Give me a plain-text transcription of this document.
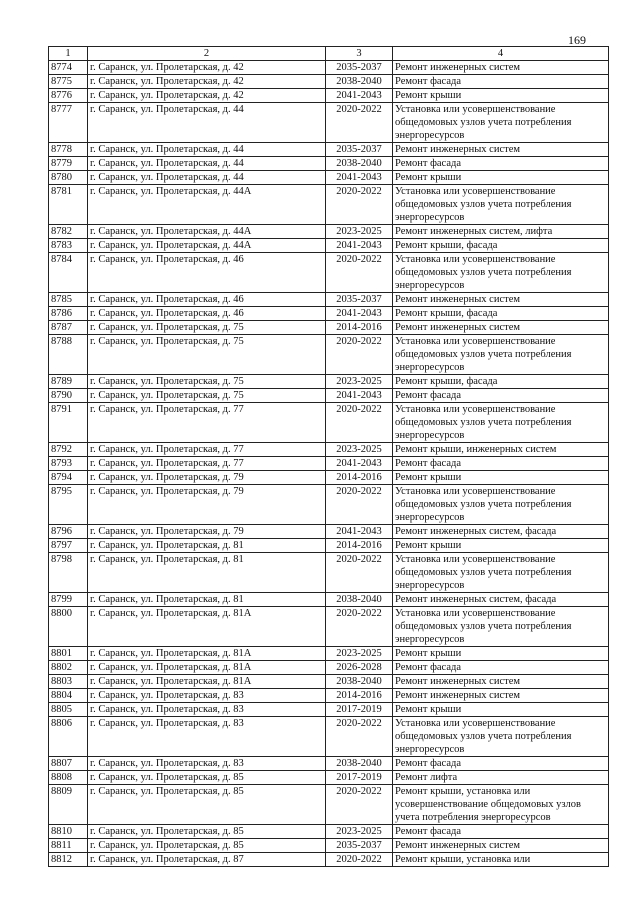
169
1	2	3	4
8774	г. Саранск, ул. Пролетарская, д. 42	2035-2037	Ремонт инженерных систем
8775	г. Саранск, ул. Пролетарская, д. 42	2038-2040	Ремонт фасада
8776	г. Саранск, ул. Пролетарская, д. 42	2041-2043	Ремонт крыши
8777	г. Саранск, ул. Пролетарская, д. 44	2020-2022	Установка или усовершенствование общедомовых узлов учета потребления энергоресурсов
8778	г. Саранск, ул. Пролетарская, д. 44	2035-2037	Ремонт инженерных систем
8779	г. Саранск, ул. Пролетарская, д. 44	2038-2040	Ремонт фасада
8780	г. Саранск, ул. Пролетарская, д. 44	2041-2043	Ремонт крыши
8781	г. Саранск, ул. Пролетарская, д. 44А	2020-2022	Установка или усовершенствование общедомовых узлов учета потребления энергоресурсов
8782	г. Саранск, ул. Пролетарская, д. 44А	2023-2025	Ремонт инженерных систем, лифта
8783	г. Саранск, ул. Пролетарская, д. 44А	2041-2043	Ремонт крыши, фасада
8784	г. Саранск, ул. Пролетарская, д. 46	2020-2022	Установка или усовершенствование общедомовых узлов учета потребления энергоресурсов
8785	г. Саранск, ул. Пролетарская, д. 46	2035-2037	Ремонт инженерных систем
8786	г. Саранск, ул. Пролетарская, д. 46	2041-2043	Ремонт крыши, фасада
8787	г. Саранск, ул. Пролетарская, д. 75	2014-2016	Ремонт инженерных систем
8788	г. Саранск, ул. Пролетарская, д. 75	2020-2022	Установка или усовершенствование общедомовых узлов учета потребления энергоресурсов
8789	г. Саранск, ул. Пролетарская, д. 75	2023-2025	Ремонт крыши, фасада
8790	г. Саранск, ул. Пролетарская, д. 75	2041-2043	Ремонт фасада
8791	г. Саранск, ул. Пролетарская, д. 77	2020-2022	Установка или усовершенствование общедомовых узлов учета потребления энергоресурсов
8792	г. Саранск, ул. Пролетарская, д. 77	2023-2025	Ремонт крыши, инженерных систем
8793	г. Саранск, ул. Пролетарская, д. 77	2041-2043	Ремонт фасада
8794	г. Саранск, ул. Пролетарская, д. 79	2014-2016	Ремонт крыши
8795	г. Саранск, ул. Пролетарская, д. 79	2020-2022	Установка или усовершенствование общедомовых узлов учета потребления энергоресурсов
8796	г. Саранск, ул. Пролетарская, д. 79	2041-2043	Ремонт инженерных систем, фасада
8797	г. Саранск, ул. Пролетарская, д. 81	2014-2016	Ремонт крыши
8798	г. Саранск, ул. Пролетарская, д. 81	2020-2022	Установка или усовершенствование общедомовых узлов учета потребления энергоресурсов
8799	г. Саранск, ул. Пролетарская, д. 81	2038-2040	Ремонт инженерных систем, фасада
8800	г. Саранск, ул. Пролетарская, д. 81А	2020-2022	Установка или усовершенствование общедомовых узлов учета потребления энергоресурсов
8801	г. Саранск, ул. Пролетарская, д. 81А	2023-2025	Ремонт крыши
8802	г. Саранск, ул. Пролетарская, д. 81А	2026-2028	Ремонт фасада
8803	г. Саранск, ул. Пролетарская, д. 81А	2038-2040	Ремонт инженерных систем
8804	г. Саранск, ул. Пролетарская, д. 83	2014-2016	Ремонт инженерных систем
8805	г. Саранск, ул. Пролетарская, д. 83	2017-2019	Ремонт крыши
8806	г. Саранск, ул. Пролетарская, д. 83	2020-2022	Установка или усовершенствование общедомовых узлов учета потребления энергоресурсов
8807	г. Саранск, ул. Пролетарская, д. 83	2038-2040	Ремонт фасада
8808	г. Саранск, ул. Пролетарская, д. 85	2017-2019	Ремонт лифта
8809	г. Саранск, ул. Пролетарская, д. 85	2020-2022	Ремонт крыши, установка или усовершенствование общедомовых узлов учета потребления энергоресурсов
8810	г. Саранск, ул. Пролетарская, д. 85	2023-2025	Ремонт фасада
8811	г. Саранск, ул. Пролетарская, д. 85	2035-2037	Ремонт инженерных систем
8812	г. Саранск, ул. Пролетарская, д. 87	2020-2022	Ремонт крыши, установка или
